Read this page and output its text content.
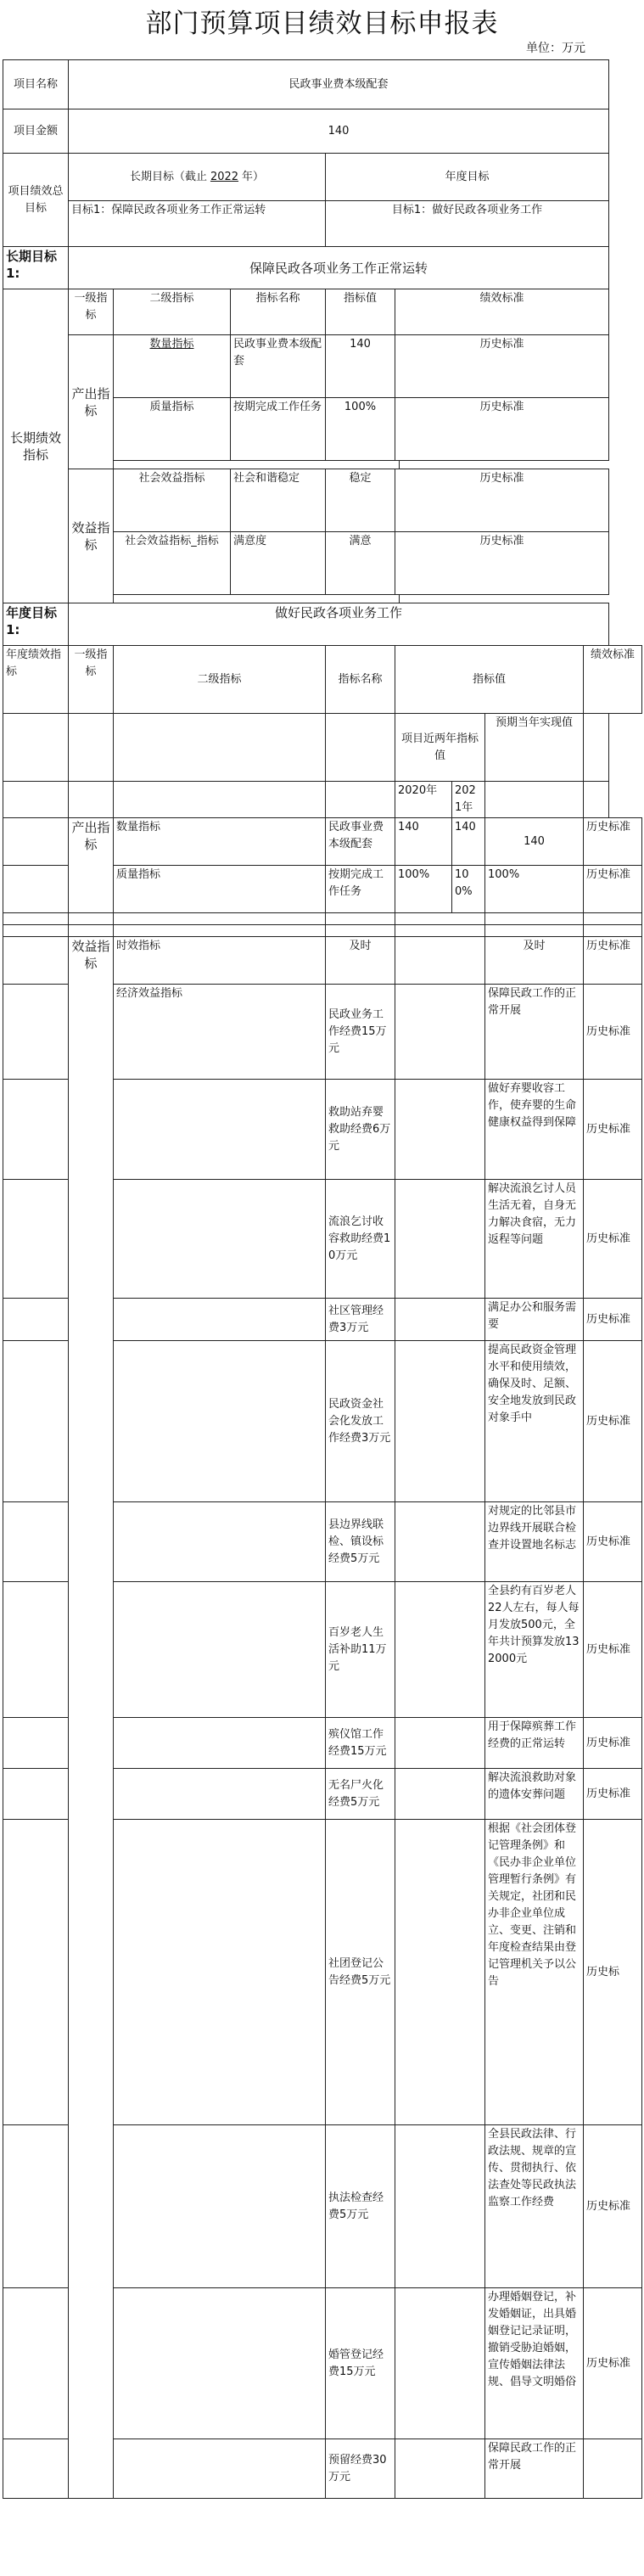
部门预算项目绩效目标申报表
单位：万元
项目名称	民政事业费本级配套							
项目金额	140							
项目绩效总目标	长期目标（截止 2022 年）			年度目标				
	目标1：保障民政各项业务工作正常运转			目标1：做好民政各项业务工作				
长期目标1:	保障民政各项业务工作正常运转							
长期绩效指标	一级指标	二级指标	指标名称	指标值	绩效标准			
	产出指标	数量指标	民政事业费本级配套	140	历史标准			
		质量指标	按期完成工作任务	100%	历史标准			

	效益指标	社会效益指标	社会和谐稳定	稳定	历史标准			
		社会效益指标_指标	满意度	满意	历史标准			

年度目标1:	做好民政各项业务工作							
年度绩效指标	一级指标	二级指标		指标名称	指标值			绩效标准
					项目近两年指标值		预期当年实现值	
					2020年	2021年		
	产出指标	数量指标		民政事业费本级配套	140	140	140	历史标准
		质量指标		按期完成工作任务	100%	100%	100%	历史标准

	效益指标	时效指标		及时			及时	历史标准
		经济效益指标		民政业务工作经费15万元			保障民政工作的正常开展	历史标准
				救助站弃婴救助经费6万元			做好弃婴收容工作，使弃婴的生命健康权益得到保障	历史标准
				流浪乞讨收容救助经费10万元			解决流浪乞讨人员生活无着，自身无力解决食宿，无力返程等问题	历史标准
				社区管理经费3万元			满足办公和服务需要	历史标准
				民政资金社会化发放工作经费3万元			提高民政资金管理水平和使用绩效，确保及时、足额、安全地发放到民政对象手中	历史标准
				县边界线联检、镇设标经费5万元			对规定的比邻县市边界线开展联合检查并设置地名标志	历史标准
				百岁老人生活补助11万元			全县约有百岁老人22人左右，每人每月发放500元，全年共计预算发放132000元	历史标准
				殡仪馆工作经费15万元			用于保障殡葬工作经费的正常运转	历史标准
				无名尸火化经费5万元			解决流浪救助对象的遗体安葬问题	历史标准
				社团登记公告经费5万元			根据《社会团体登记管理条例》和《民办非企业单位管理暂行条例》有关规定，社团和民办非企业单位成立、变更、注销和年度检查结果由登记管理机关予以公告	历史标
				执法检查经费5万元			全县民政法律、行政法规、规章的宣传、贯彻执行、依法查处等民政执法监察工作经费	历史标准
				婚管登记经费15万元			办理婚姻登记，补发婚姻证，出具婚姻登记记录证明，撤销受胁迫婚姻，宣传婚姻法律法规、倡导文明婚俗	历史标准
				预留经费30万元			保障民政工作的正常开展	
